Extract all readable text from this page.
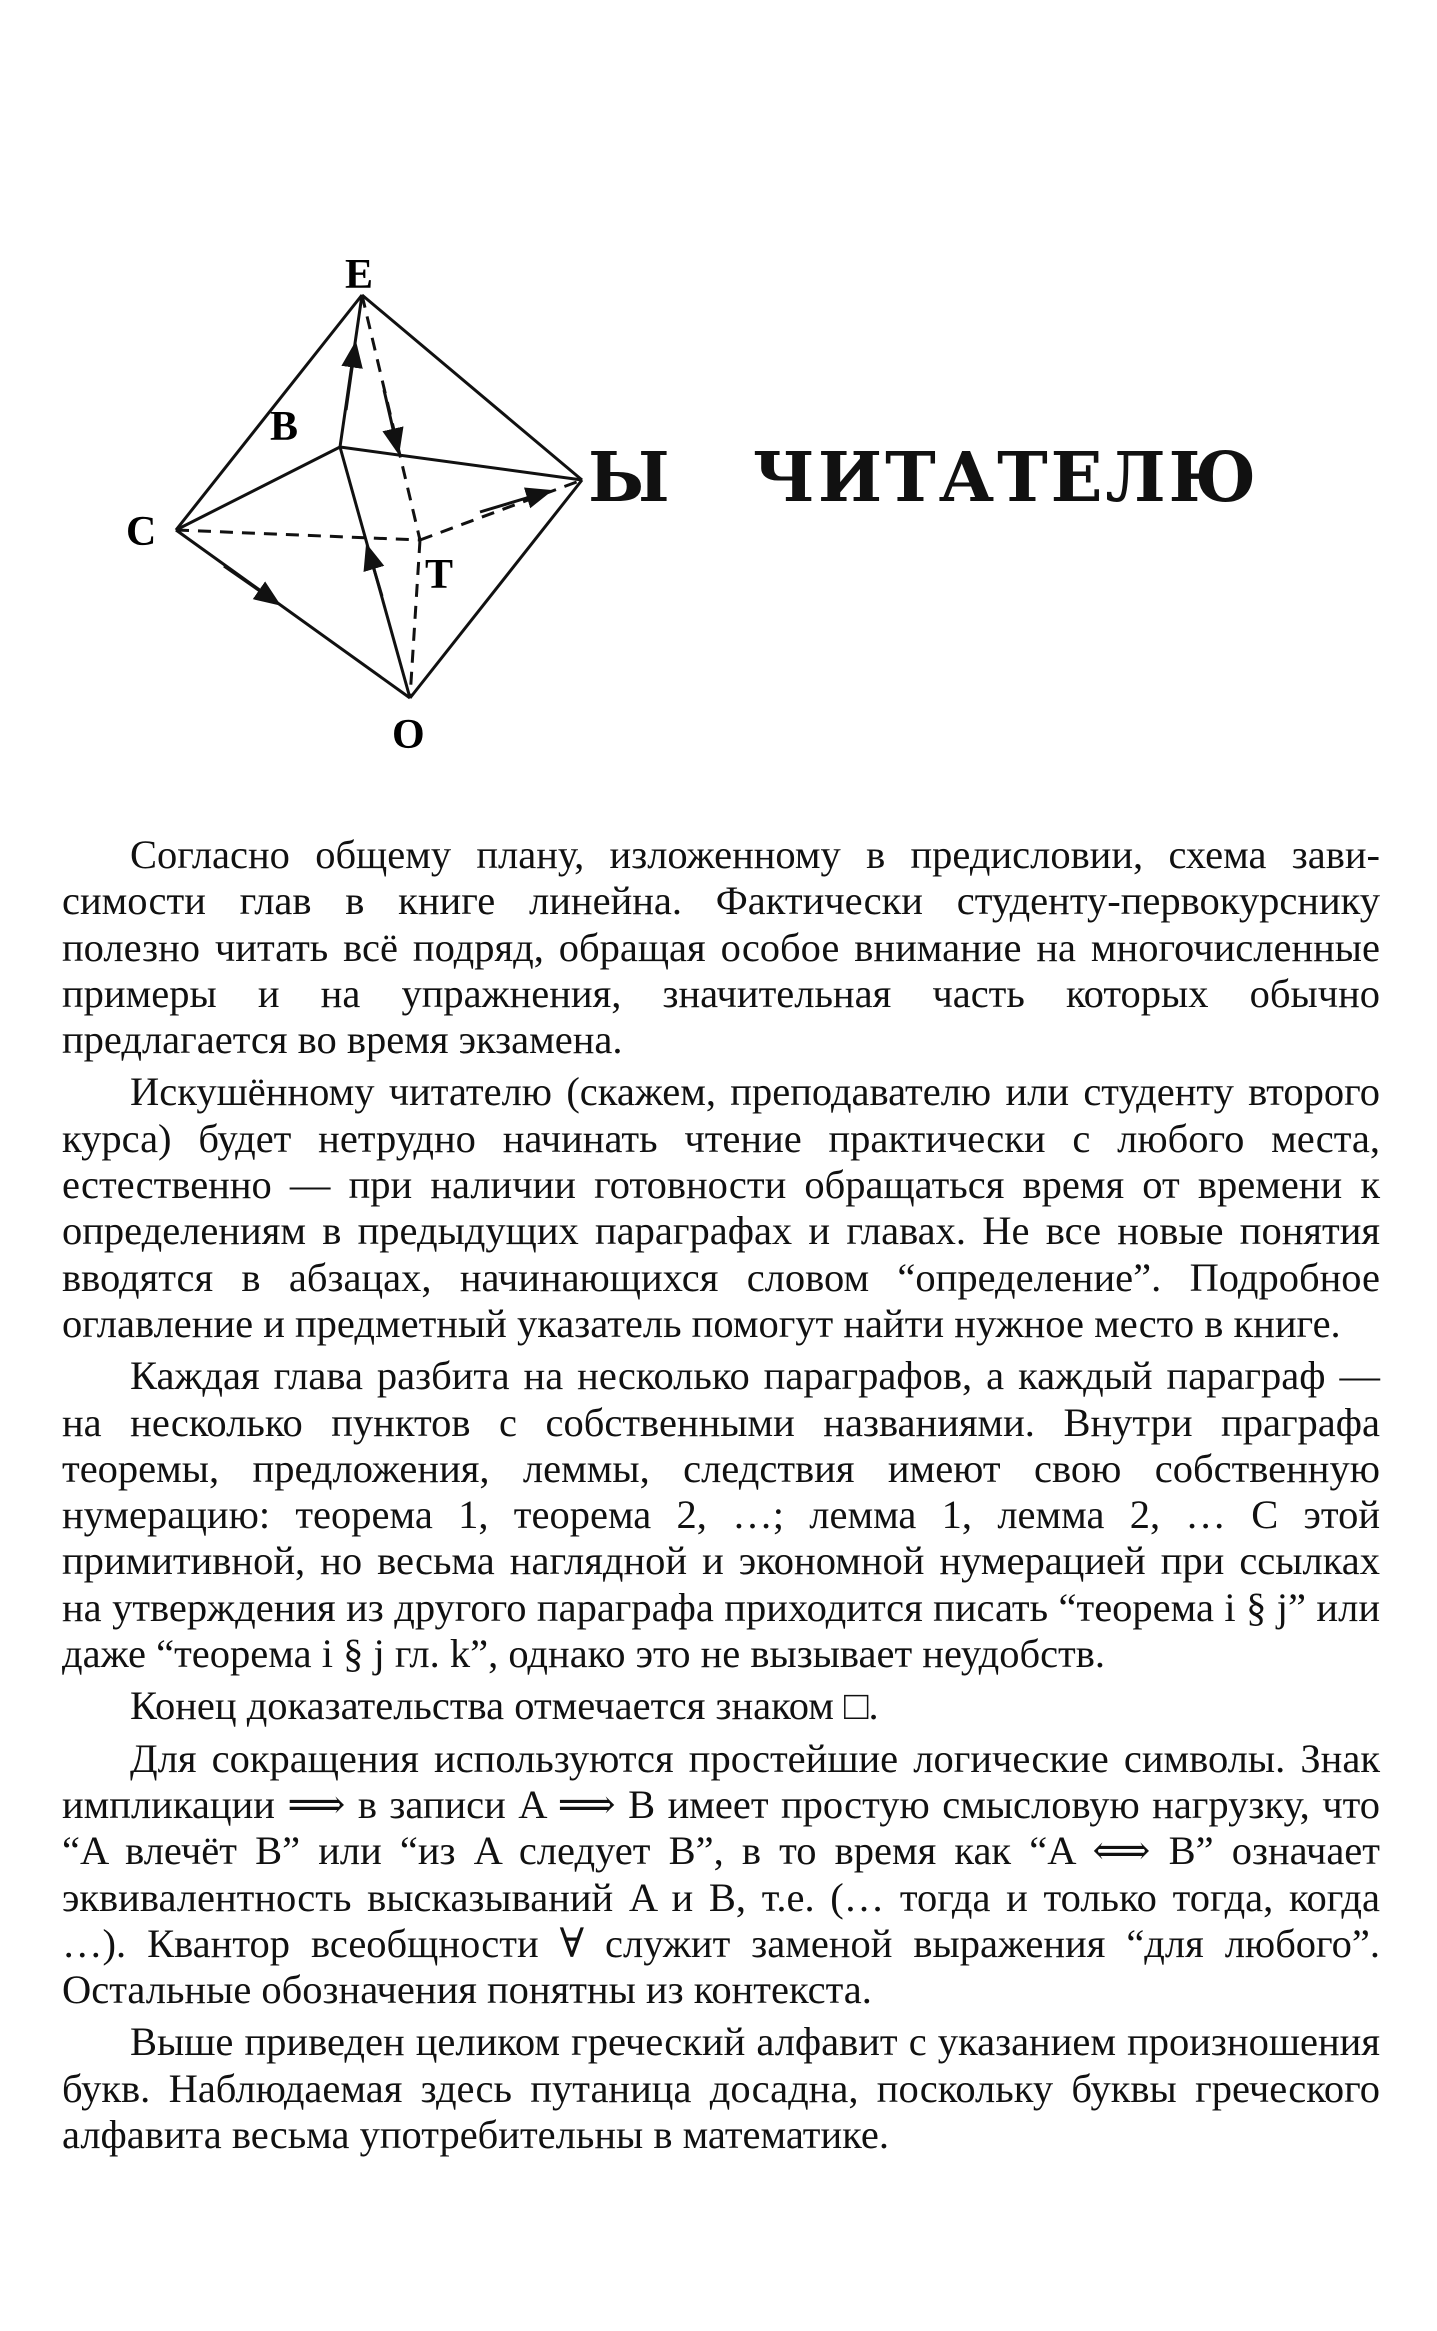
E
B
C
T
O
Ы ЧИТАТЕЛЮ

Согласно общему плану, изложенному в предисловии, схема зависимости глав в книге линейна. Фактически студенту-первокурснику полезно читать всё подряд, обращая особое внимание на многочисленные примеры и на упражнения, значительная часть которых обычно предлагается во время экзамена.

Искушённому читателю (скажем, преподавателю или студенту второго курса) будет нетрудно начинать чтение практически с любого места, естественно — при наличии готовности обращаться время от времени к определениям в предыдущих параграфах и главах. Не все новые понятия вводятся в абзацах, начинающихся словом “определение”. Подробное оглавление и предметный указатель помогут найти нужное место в книге.

Каждая глава разбита на несколько параграфов, а каждый параграф — на несколько пунктов с собственными названиями. Внутри праграфа теоремы, предложения, леммы, следствия имеют свою собственную нумерацию: теорема 1, теорема 2, …; лемма 1, лемма 2, … С этой примитивной, но весьма наглядной и экономной нумерацией при ссылках на утверждения из другого параграфа приходится писать “теорема i § j” или даже “теорема i § j гл. k”, однако это не вызывает неудобств.

Конец доказательства отмечается знаком □.

Для сокращения используются простейшие логические символы. Знак импликации ⟹ в записи A ⟹ B имеет простую смысловую нагрузку, что “A влечёт B” или “из A следует B”, в то время как “A ⟺ B” означает эквивалентность высказываний A и B, т.е. (… тогда и только тогда, когда …). Квантор всеобщности ∀ служит заменой выражения “для любого”. Остальные обозначения понятны из контекста.

Выше приведен целиком греческий алфавит с указанием произношения букв. Наблюдаемая здесь путаница досадна, поскольку буквы греческого алфавита весьма употребительны в математике.
